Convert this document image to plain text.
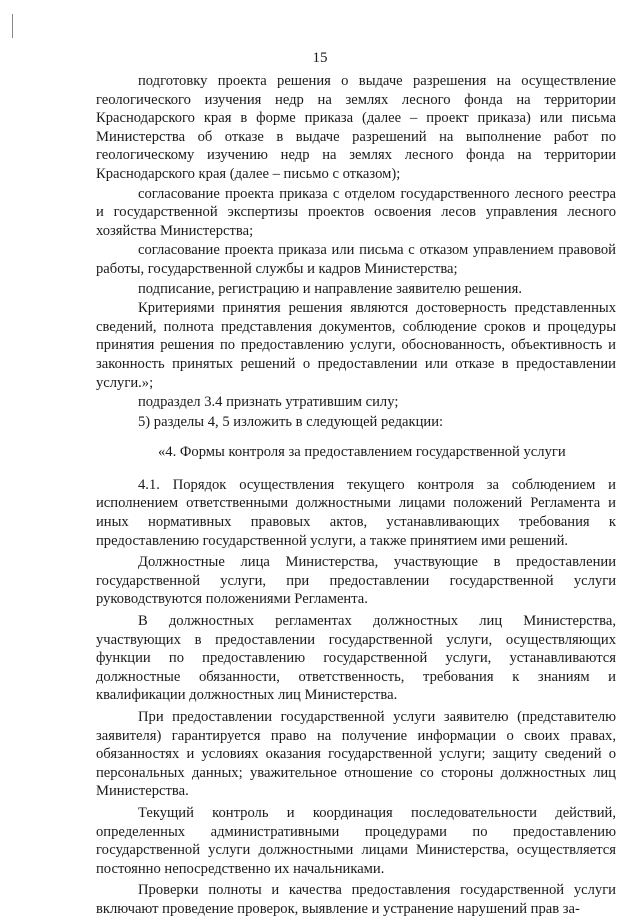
15

подготовку проекта решения о выдаче разрешения на осуществление геологического изучения недр на землях лесного фонда на территории Краснодарского края в форме приказа (далее – проект приказа) или письма Министерства об отказе в выдаче разрешений на выполнение работ по геологическому изучению недр на землях лесного фонда на территории Краснодарского края (далее – письмо с отказом);

согласование проекта приказа с отделом государственного лесного реестра и государственной экспертизы проектов освоения лесов управления лесного хозяйства Министерства;

согласование проекта приказа или письма с отказом управлением правовой работы, государственной службы и кадров Министерства;

подписание, регистрацию и направление заявителю решения.

Критериями принятия решения являются достоверность представленных сведений, полнота представления документов, соблюдение сроков и процедуры принятия решения по предоставлению услуги, обоснованность, объективность и законность принятых решений о предоставлении или отказе в предоставлении услуги.»;

подраздел 3.4 признать утратившим силу;

5) разделы 4, 5 изложить в следующей редакции:

«4. Формы контроля за предоставлением государственной услуги

4.1. Порядок осуществления текущего контроля за соблюдением и исполнением ответственными должностными лицами положений Регламента и иных нормативных правовых актов, устанавливающих требования к предоставлению государственной услуги, а также принятием ими решений.

Должностные лица Министерства, участвующие в предоставлении государственной услуги, при предоставлении государственной услуги руководствуются положениями Регламента.

В должностных регламентах должностных лиц Министерства, участвующих в предоставлении государственной услуги, осуществляющих функции по предоставлению государственной услуги, устанавливаются должностные обязанности, ответственность, требования к знаниям и квалификации должностных лиц Министерства.

При предоставлении государственной услуги заявителю (представителю заявителя) гарантируется право на получение информации о своих правах, обязанностях и условиях оказания государственной услуги; защиту сведений о персональных данных; уважительное отношение со стороны должностных лиц Министерства.

Текущий контроль и координация последовательности действий, определенных административными процедурами по предоставлению государственной услуги должностными лицами Министерства, осуществляется постоянно непосредственно их начальниками.

Проверки полноты и качества предоставления государственной услуги включают проведение проверок, выявление и устранение нарушений прав за-
